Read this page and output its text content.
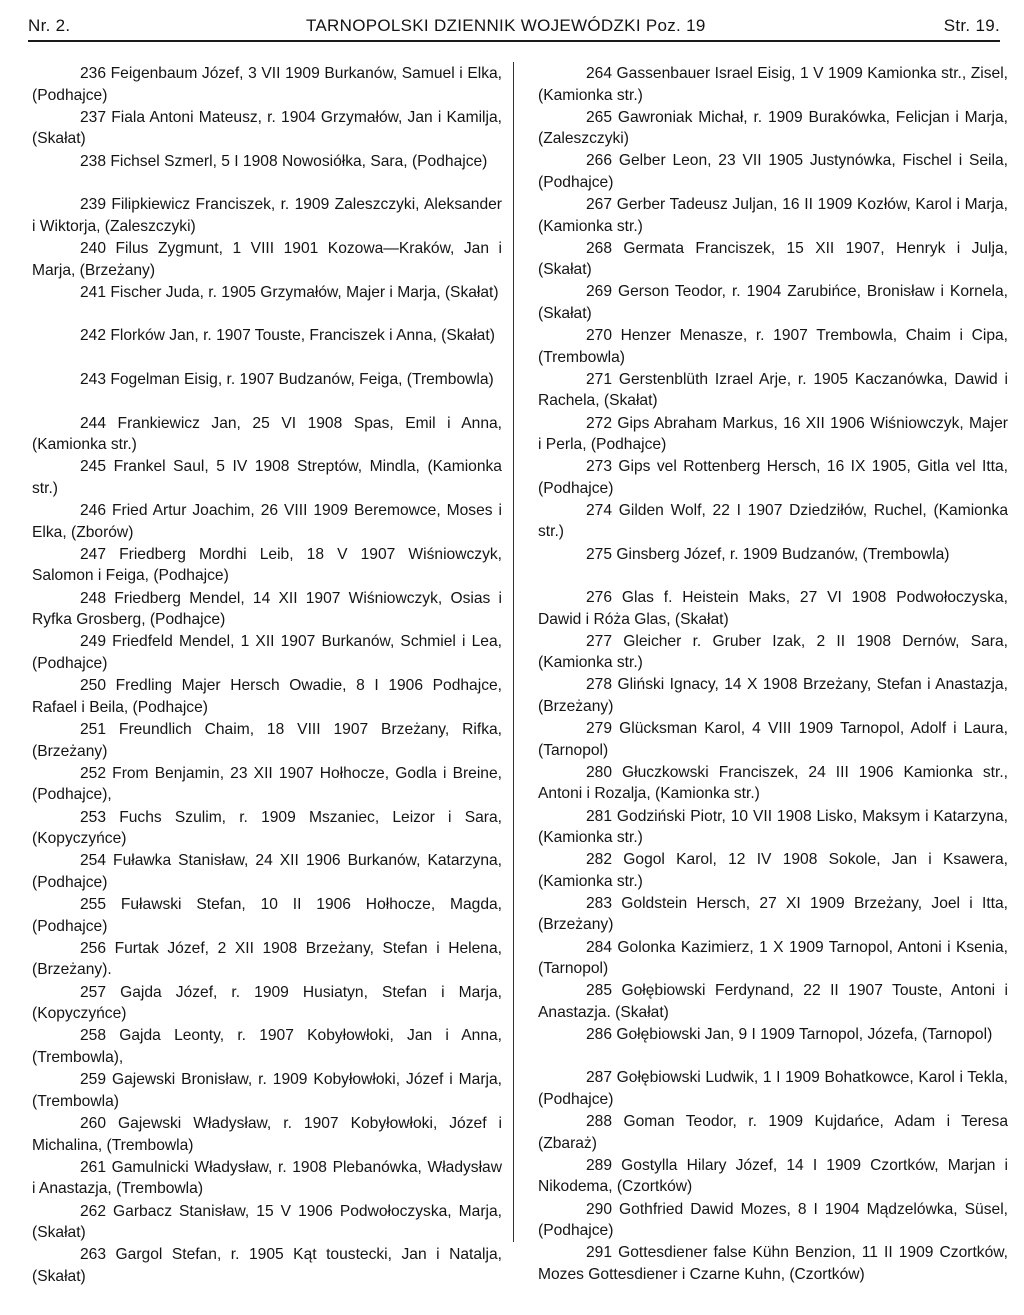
Nr. 2.	TARNOPOLSKI DZIENNIK WOJEWÓDZKI Poz. 19	Str. 19.

236 Feigenbaum Józef, 3 VII 1909 Burkanów, Samuel i Elka, (Podhajce)

237 Fiala Antoni Mateusz, r. 1904 Grzymałów, Jan i Kamilja, (Skałat)

238 Fichsel Szmerl, 5 I 1908 Nowosiółka, Sara, (Podhajce)

239 Filipkiewicz Franciszek, r. 1909 Zaleszczyki, Aleksander i Wiktorja, (Zaleszczyki)

240 Filus Zygmunt, 1 VIII 1901 Kozowa—Kraków, Jan i Marja, (Brzeżany)

241 Fischer Juda, r. 1905 Grzymałów, Majer i Marja, (Skałat)

242 Florków Jan, r. 1907 Touste, Franciszek i Anna, (Skałat)

243 Fogelman Eisig, r. 1907 Budzanów, Feiga, (Trembowla)

244 Frankiewicz Jan, 25 VI 1908 Spas, Emil i Anna, (Kamionka str.)

245 Frankel Saul, 5 IV 1908 Streptów, Mindla, (Kamionka str.)

246 Fried Artur Joachim, 26 VIII 1909 Beremowce, Moses i Elka, (Zborów)

247 Friedberg Mordhi Leib, 18 V 1907 Wiśniowczyk, Salomon i Feiga, (Podhajce)

248 Friedberg Mendel, 14 XII 1907 Wiśniowczyk, Osias i Ryfka Grosberg, (Podhajce)

249 Friedfeld Mendel, 1 XII 1907 Burkanów, Schmiel i Lea, (Podhajce)

250 Fredling Majer Hersch Owadie, 8 I 1906 Podhajce, Rafael i Beila, (Podhajce)

251 Freundlich Chaim, 18 VIII 1907 Brzeżany, Rifka, (Brzeżany)

252 From Benjamin, 23 XII 1907 Hołhocze, Godla i Breine, (Podhajce),

253 Fuchs Szulim, r. 1909 Mszaniec, Leizor i Sara, (Kopyczyńce)

254 Fuławka Stanisław, 24 XII 1906 Burkanów, Katarzyna, (Podhajce)

255 Fuławski Stefan, 10 II 1906 Hołhocze, Magda, (Podhajce)

256 Furtak Józef, 2 XII 1908 Brzeżany, Stefan i Helena, (Brzeżany).

257 Gajda Józef, r. 1909 Husiatyn, Stefan i Marja, (Kopyczyńce)

258 Gajda Leonty, r. 1907 Kobyłowłoki, Jan i Anna, (Trembowla),

259 Gajewski Bronisław, r. 1909 Kobyłowłoki, Józef i Marja, (Trembowla)

260 Gajewski Władysław, r. 1907 Kobyłowłoki, Józef i Michalina, (Trembowla)

261 Gamulnicki Władysław, r. 1908 Plebanówka, Władysław i Anastazja, (Trembowla)

262 Garbacz Stanisław, 15 V 1906 Podwołoczyska, Marja, (Skałat)

263 Gargol Stefan, r. 1905 Kąt toustecki, Jan i Natalja, (Skałat)

264 Gassenbauer Israel Eisig, 1 V 1909 Kamionka str., Zisel, (Kamionka str.)

265 Gawroniak Michał, r. 1909 Burakówka, Felicjan i Marja, (Zaleszczyki)

266 Gelber Leon, 23 VII 1905 Justynówka, Fischel i Seila, (Podhajce)

267 Gerber Tadeusz Juljan, 16 II 1909 Kozłów, Karol i Marja, (Kamionka str.)

268 Germata Franciszek, 15 XII 1907, Henryk i Julja, (Skałat)

269 Gerson Teodor, r. 1904 Zarubińce, Bronisław i Kornela, (Skałat)

270 Henzer Menasze, r. 1907 Trembowla, Chaim i Cipa, (Trembowla)

271 Gerstenblüth Izrael Arje, r. 1905 Kaczanówka, Dawid i Rachela, (Skałat)

272 Gips Abraham Markus, 16 XII 1906 Wiśniowczyk, Majer i Perla, (Podhajce)

273 Gips vel Rottenberg Hersch, 16 IX 1905, Gitla vel Itta, (Podhajce)

274 Gilden Wolf, 22 I 1907 Dziedziłów, Ruchel, (Kamionka str.)

275 Ginsberg Józef, r. 1909 Budzanów, (Trembowla)

276 Glas f. Heistein Maks, 27 VI 1908 Podwołoczyska, Dawid i Róża Glas, (Skałat)

277 Gleicher r. Gruber Izak, 2 II 1908 Dernów, Sara, (Kamionka str.)

278 Gliński Ignacy, 14 X 1908 Brzeżany, Stefan i Anastazja, (Brzeżany)

279 Glücksman Karol, 4 VIII 1909 Tarnopol, Adolf i Laura, (Tarnopol)

280 Głuczkowski Franciszek, 24 III 1906 Kamionka str., Antoni i Rozalja, (Kamionka str.)

281 Godziński Piotr, 10 VII 1908 Lisko, Maksym i Katarzyna, (Kamionka str.)

282 Gogol Karol, 12 IV 1908 Sokole, Jan i Ksawera, (Kamionka str.)

283 Goldstein Hersch, 27 XI 1909 Brzeżany, Joel i Itta, (Brzeżany)

284 Golonka Kazimierz, 1 X 1909 Tarnopol, Antoni i Ksenia, (Tarnopol)

285 Gołębiowski Ferdynand, 22 II 1907 Touste, Antoni i Anastazja. (Skałat)

286 Gołębiowski Jan, 9 I 1909 Tarnopol, Józefa, (Tarnopol)

287 Gołębiowski Ludwik, 1 I 1909 Bohatkowce, Karol i Tekla, (Podhajce)

288 Goman Teodor, r. 1909 Kujdańce, Adam i Teresa (Zbaraż)

289 Gostylla Hilary Józef, 14 I 1909 Czortków, Marjan i Nikodema, (Czortków)

290 Gothfried Dawid Mozes, 8 I 1904 Mądzelówka, Süsel, (Podhajce)

291 Gottesdiener false Kühn Benzion, 11 II 1909 Czortków, Mozes Gottesdiener i Czarne Kuhn, (Czortków)
